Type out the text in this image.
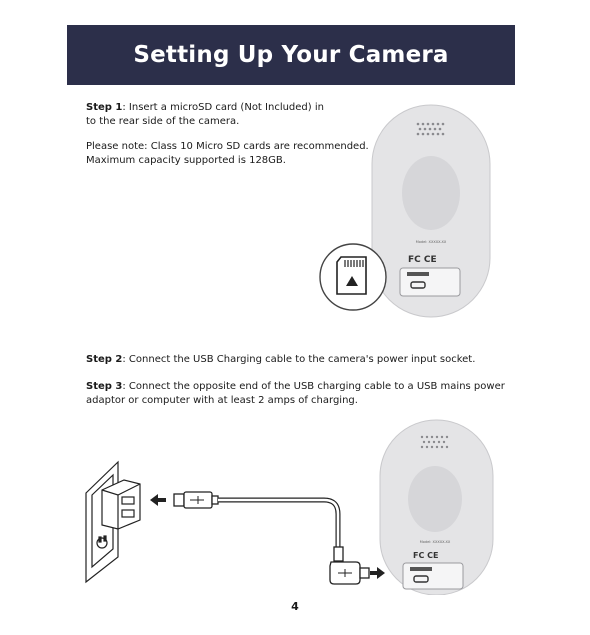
Setting Up Your Camera
Step 1: Insert a microSD card (Not Included) in
to the rear side of the camera.
Please note: Class 10 Micro SD cards are recommended.
Maximum capacity supported is 128GB.
Model: XXXXX-XX
FC CE
Step 2: Connect the USB Charging cable to the camera's power input socket.
Step 3: Connect the opposite end of the USB charging cable to a USB mains power
adaptor or computer with at least 2 amps of charging.
Model: XXXXX-XX
FC CE
4
